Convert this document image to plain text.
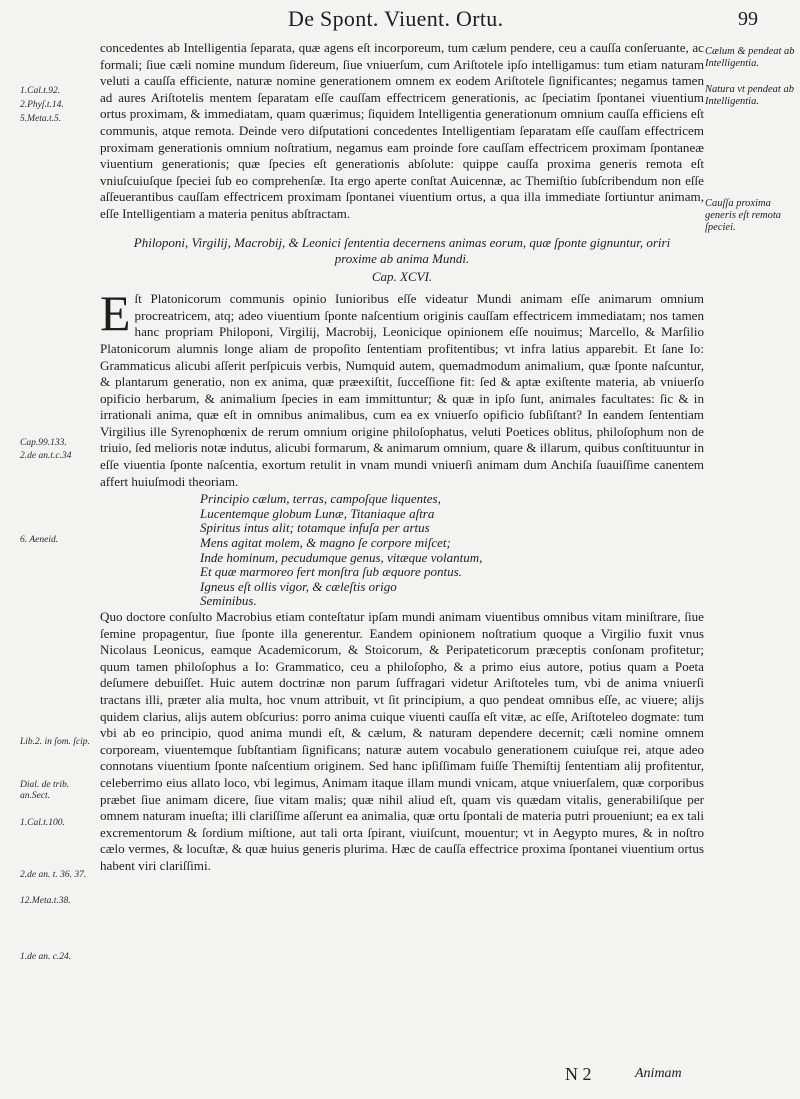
De Spont. Viuent. Ortu.	99
1.Cal.t.92.
2.Phyſ.t.14.
5.Meta.t.5.
Cap.99.133.
2.de an.t.c.34
6. Aeneid.
Lib.2. in ſom. ſcip.
Dial. de trib. an.Sect.
1.Cal.t.100.
2.de an. t. 36. 37.
12.Meta.t.38.
1.de an. c.24.
Cælum & pendeat ab Intelligentia.
Natura vt pendeat ab Intelligentia.
Cauſſa proxima generis eſt remota ſpeciei.

concedentes ab Intelligentia ſeparata, quæ agens eſt incorporeum, tum cælum pendere, ceu a cauſſa conſeruante, ac formali; ſiue cæli nomine mundum ſidereum, ſiue vniuerſum, cum Ariſtotele ipſo intelligamus: tum etiam naturam veluti a cauſſa efficiente, naturæ nomine generationem omnem ex eodem Ariſtotele ſignificantes; negamus tamen ad aures Ariſtotelis mentem ſeparatam eſſe cauſſam effectricem generationis, ac ſpeciatim ſpontanei viuentium ortus proximam, & immediatam, quam quærimus; ſiquidem Intelligentia generationum omnium cauſſa efficiens eſt communis, atque remota. Deinde vero diſputationi concedentes Intelligentiam ſeparatam eſſe cauſſam effectricem proximam generationis omnium noſtratium, negamus eam proinde fore cauſſam effectricem proximam ſpontaneæ viuentium generationis; quæ ſpecies eſt generationis abſolute: quippe cauſſa proxima generis remota eſt vniuſcuiuſque ſpeciei ſub eo comprehenſæ. Ita ergo aperte conſtat Auicennæ, ac Themiſtio ſubſcribendum non eſſe aſſeuerantibus cauſſam effectricem proximam ſpontanei viuentium ortus, a qua illa immediate ſortiuntur animam, eſſe Intelligentiam a materia penitus abſtractam.

Philoponi, Virgilij, Macrobij, & Leonici ſententia decernens animas eorum, quæ ſponte gignuntur, oriri proxime ab anima Mundi.
Cap. XCVI.

Eſt Platonicorum communis opinio Iunioribus eſſe videatur Mundi animam eſſe animarum omnium procreatricem, atq; adeo viuentium ſponte naſcentium originis cauſſam effectricem immediatam; nos tamen hanc propriam Philoponi, Virgilij, Macrobij, Leonicique opinionem eſſe nouimus; Marcello, & Marſilio Platonicorum alumnis longe aliam de propoſito ſententiam profitentibus; vt infra latius apparebit. Et ſane Io: Grammaticus alicubi aſſerit perſpicuis verbis, Numquid autem, quemadmodum animalium, quæ ſponte naſcuntur, & plantarum generatio, non ex anima, quæ præexiſtit, ſucceſſione fit: ſed & aptæ exiſtente materia, ab vniuerſo opificio herbarum, & animalium ſpecies in eam immittuntur; & quæ in ipſo ſunt, animales facultates: ſic & in irrationali anima, quæ eſt in omnibus animalibus, cum ea ex vniuerſo opificio ſubſiſtant? In eandem ſententiam Virgilius ille Syrenophœnix de rerum omnium origine philoſophatus, veluti Poetices oblitus, philoſophum non de triuio, ſed melioris notæ indutus, alicubi formarum, & animarum omnium, quare & illarum, quibus conſtituuntur in eſſe viuentia ſponte naſcentia, exortum retulit in vnam mundi vniuerſi animam dum Anchiſa ſuauiſſime canentem affert huiuſmodi theoriam.

Principio cælum, terras, campoſque liquentes,
Lucentemque globum Lunæ, Titaniaque aſtra
Spiritus intus alit; totamque infuſa per artus
Mens agitat molem, & magno ſe corpore miſcet;
Inde hominum, pecudumque genus, vitæque volantum,
Et quæ marmoreo fert monſtra ſub æquore pontus.
Igneus eſt ollis vigor, & cæleſtis origo
Seminibus.

Quo doctore conſulto Macrobius etiam conteſtatur ipſam mundi animam viuentibus omnibus vitam miniſtrare, ſiue ſemine propagentur, ſiue ſponte illa generentur. Eandem opinionem noſtratium quoque a Virgilio fuxit vnus Nicolaus Leonicus, eamque Academicorum, & Stoicorum, & Peripateticorum præceptis conſonam profitetur; quum tamen philoſophus a Io: Grammatico, ceu a philoſopho, & a primo eius autore, potius quam a Poeta deſumere debuiſſet. Huic autem doctrinæ non parum ſuffragari videtur Ariſtoteles tum, vbi de anima vniuerſi tractans illi, præter alia multa, hoc vnum attribuit, vt ſit principium, a quo pendeat omnibus eſſe, ac viuere; alijs quidem clarius, alijs autem obſcurius: porro anima cuique viuenti cauſſa eſt vitæ, ac eſſe, Ariſtoteleo dogmate: tum vbi ab eo principio, quod anima mundi eſt, & cælum, & naturam dependere decernit; cæli nomine omnem corpoream, viuentemque ſubſtantiam ſignificans; naturæ autem vocabulo generationem cuiuſque rei, atque adeo connotans viuentium ſponte naſcentium originem. Sed hanc ipſiſſimam fuiſſe Themiſtij ſententiam alij profitentur, celeberrimo eius allato loco, vbi legimus, Animam itaque illam mundi vnicam, atque vniuerſalem, quæ corporibus præbet ſiue animam dicere, ſiue vitam malis; quæ nihil aliud eſt, quam vis quædam vitalis, generabiliſque per omnem naturam inueſta; illi clariſſime aſſerunt ea animalia, quæ ortu ſpontali de materia putri proueniunt; ea ex tali excrementorum & ſordium miſtione, aut tali orta ſpirant, viuiſcunt, mouentur; vt in Aegypto mures, & in noſtro cælo vermes, & locuſtæ, & quæ huius generis plurima. Hæc de cauſſa effectrice proxima ſpontanei viuentium ortus habent viri clariſſimi.

N 2	Animam
